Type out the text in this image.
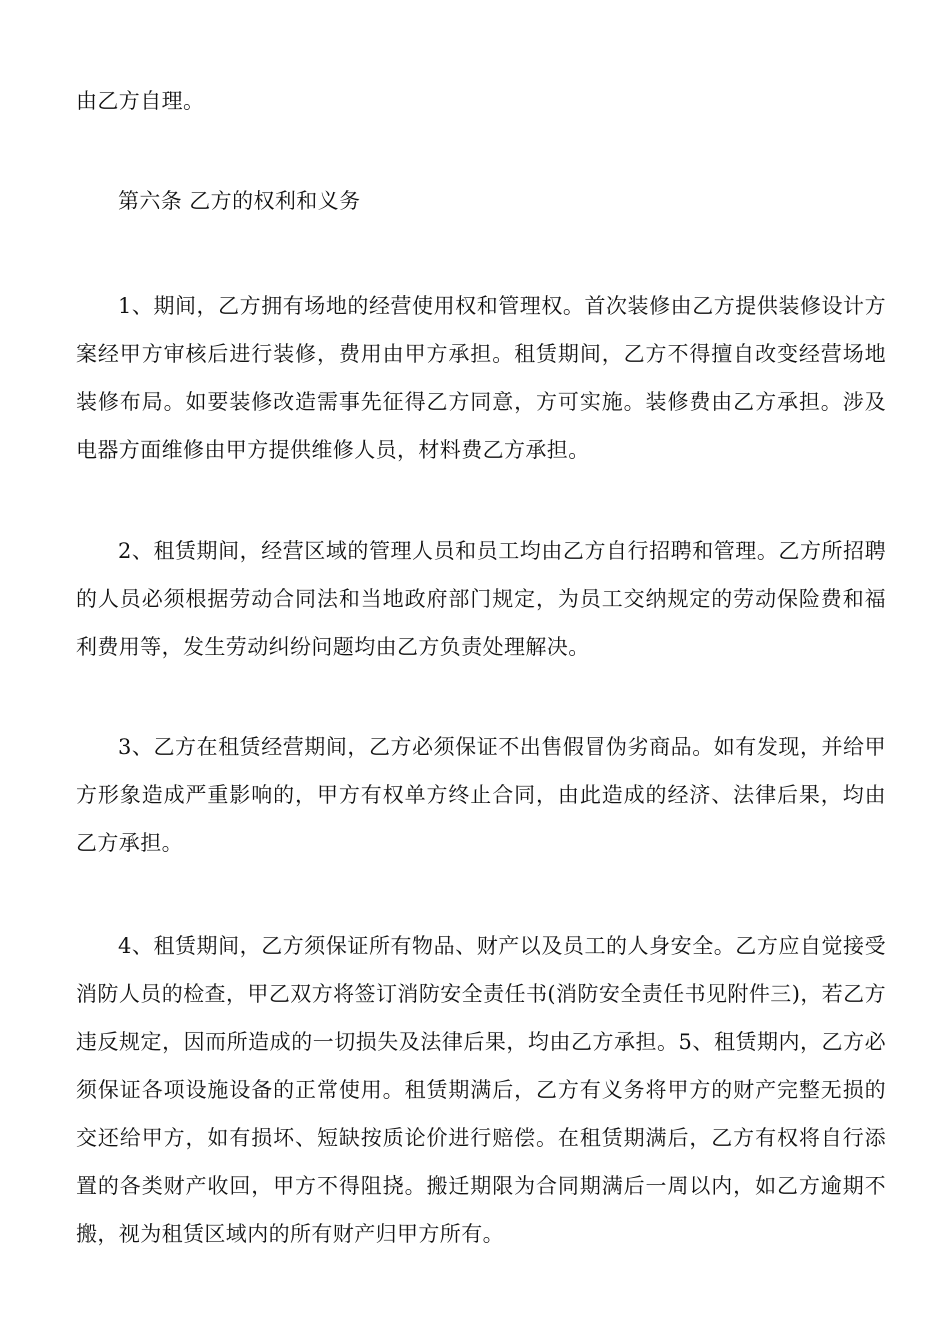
由乙方自理。

第六条 乙方的权利和义务

1、期间，乙方拥有场地的经营使用权和管理权。首次装修由乙方提供装修设计方案经甲方审核后进行装修，费用由甲方承担。租赁期间，乙方不得擅自改变经营场地装修布局。如要装修改造需事先征得乙方同意，方可实施。装修费由乙方承担。涉及电器方面维修由甲方提供维修人员，材料费乙方承担。

2、租赁期间，经营区域的管理人员和员工均由乙方自行招聘和管理。乙方所招聘的人员必须根据劳动合同法和当地政府部门规定，为员工交纳规定的劳动保险费和福利费用等，发生劳动纠纷问题均由乙方负责处理解决。

3、乙方在租赁经营期间，乙方必须保证不出售假冒伪劣商品。如有发现，并给甲方形象造成严重影响的，甲方有权单方终止合同，由此造成的经济、法律后果，均由乙方承担。

4、租赁期间，乙方须保证所有物品、财产以及员工的人身安全。乙方应自觉接受消防人员的检查，甲乙双方将签订消防安全责任书(消防安全责任书见附件三)，若乙方违反规定，因而所造成的一切损失及法律后果，均由乙方承担。5、租赁期内，乙方必须保证各项设施设备的正常使用。租赁期满后，乙方有义务将甲方的财产完整无损的交还给甲方，如有损坏、短缺按质论价进行赔偿。在租赁期满后，乙方有权将自行添置的各类财产收回，甲方不得阻挠。搬迁期限为合同期满后一周以内，如乙方逾期不搬，视为租赁区域内的所有财产归甲方所有。
